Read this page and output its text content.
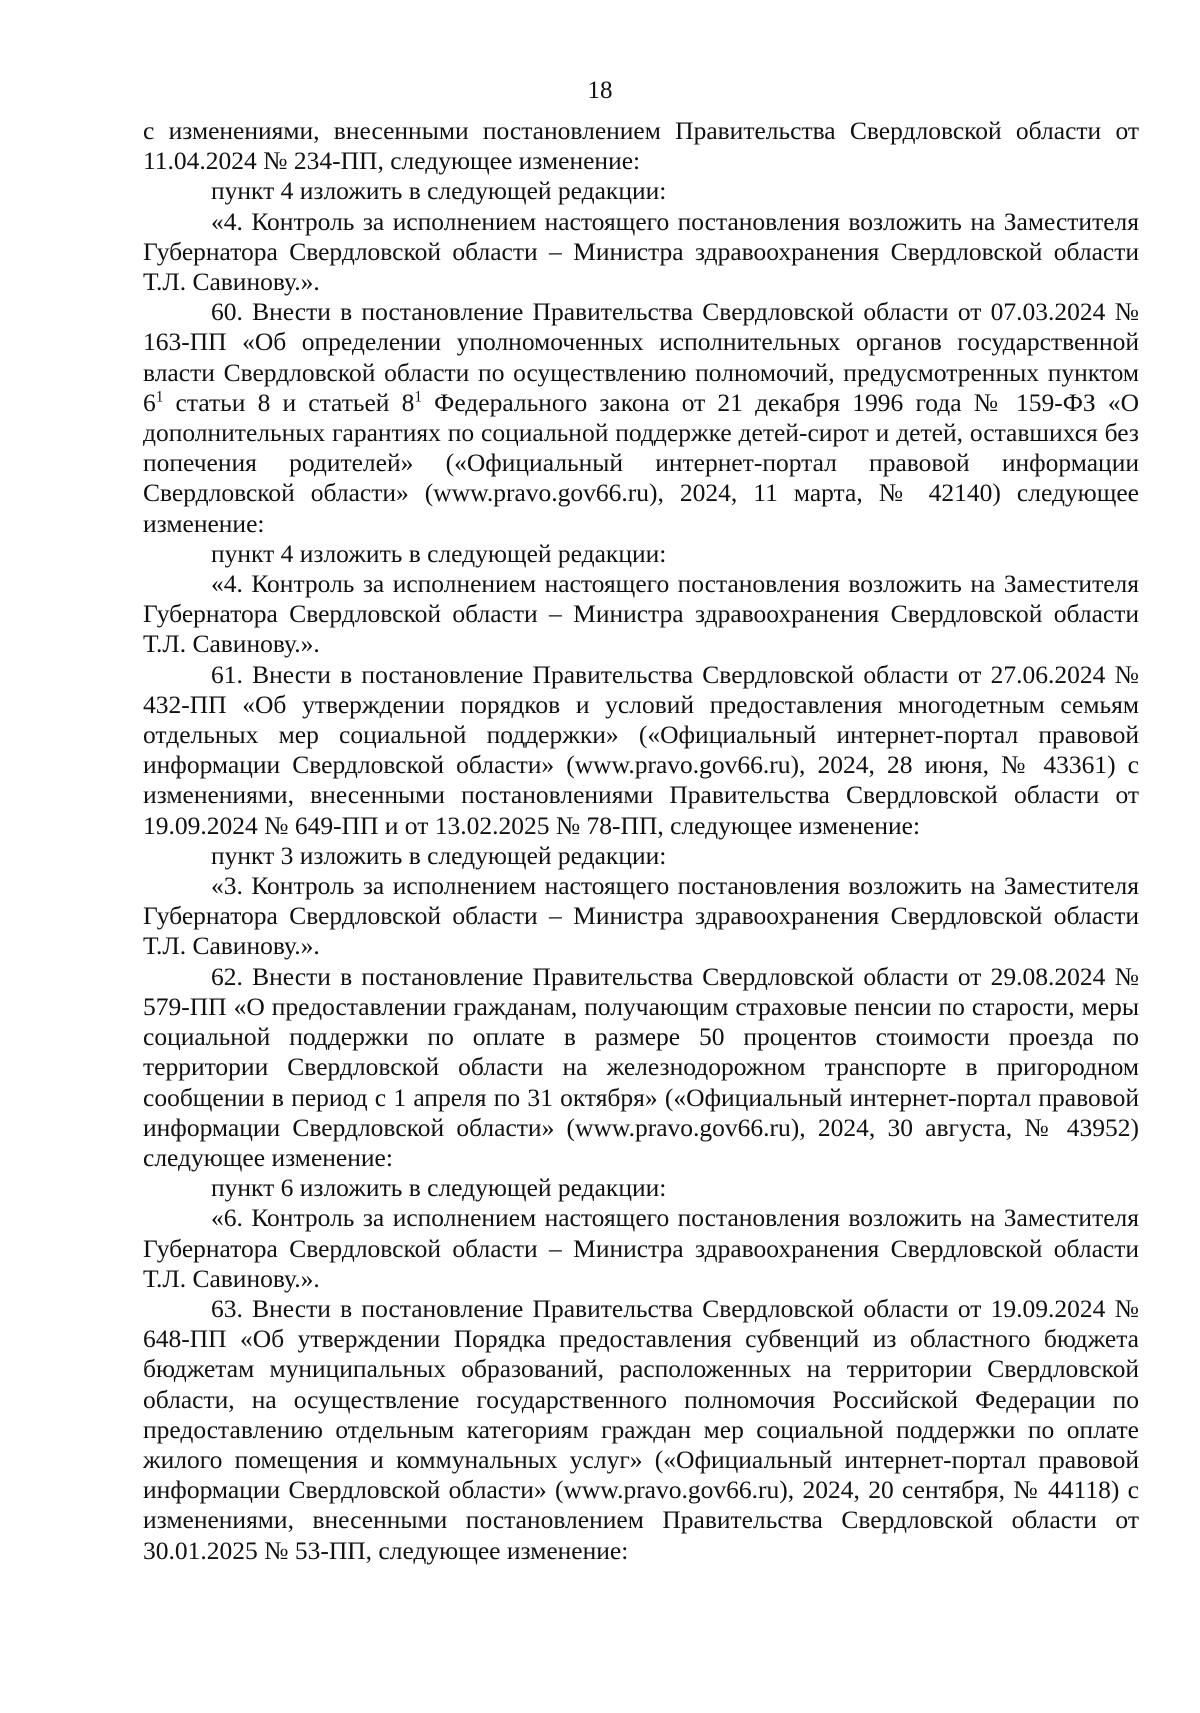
18

с изменениями, внесенными постановлением Правительства Свердловской области от 11.04.2024 № 234-ПП, следующее изменение:

пункт 4 изложить в следующей редакции:

«4. Контроль за исполнением настоящего постановления возложить на Заместителя Губернатора Свердловской области – Министра здравоохранения Свердловской области Т.Л. Савинову.».

60. Внести в постановление Правительства Свердловской области от 07.03.2024 № 163-ПП «Об определении уполномоченных исполнительных органов государственной власти Свердловской области по осуществлению полномочий, предусмотренных пунктом $6^1$ статьи 8 и статьей $8^1$ Федерального закона от 21 декабря 1996 года № 159-ФЗ «О дополнительных гарантиях по социальной поддержке детей-сирот и детей, оставшихся без попечения родителей» («Официальный интернет-портал правовой информации Свердловской области» (www.pravo.gov66.ru), 2024, 11 марта, № 42140) следующее изменение:

пункт 4 изложить в следующей редакции:

«4. Контроль за исполнением настоящего постановления возложить на Заместителя Губернатора Свердловской области – Министра здравоохранения Свердловской области Т.Л. Савинову.».

61. Внести в постановление Правительства Свердловской области от 27.06.2024 № 432-ПП «Об утверждении порядков и условий предоставления многодетным семьям отдельных мер социальной поддержки» («Официальный интернет-портал правовой информации Свердловской области» (www.pravo.gov66.ru), 2024, 28 июня, № 43361) с изменениями, внесенными постановлениями Правительства Свердловской области от 19.09.2024 № 649-ПП и от 13.02.2025 № 78-ПП, следующее изменение:

пункт 3 изложить в следующей редакции:

«3. Контроль за исполнением настоящего постановления возложить на Заместителя Губернатора Свердловской области – Министра здравоохранения Свердловской области Т.Л. Савинову.».

62. Внести в постановление Правительства Свердловской области от 29.08.2024 № 579-ПП «О предоставлении гражданам, получающим страховые пенсии по старости, меры социальной поддержки по оплате в размере 50 процентов стоимости проезда по территории Свердловской области на железнодорожном транспорте в пригородном сообщении в период с 1 апреля по 31 октября» («Официальный интернет-портал правовой информации Свердловской области» (www.pravo.gov66.ru), 2024, 30 августа, № 43952) следующее изменение:

пункт 6 изложить в следующей редакции:

«6. Контроль за исполнением настоящего постановления возложить на Заместителя Губернатора Свердловской области – Министра здравоохранения Свердловской области Т.Л. Савинову.».

63. Внести в постановление Правительства Свердловской области от 19.09.2024 № 648-ПП «Об утверждении Порядка предоставления субвенций из областного бюджета бюджетам муниципальных образований, расположенных на территории Свердловской области, на осуществление государственного полномочия Российской Федерации по предоставлению отдельным категориям граждан мер социальной поддержки по оплате жилого помещения и коммунальных услуг» («Официальный интернет-портал правовой информации Свердловской области» (www.pravo.gov66.ru), 2024, 20 сентября, № 44118) с изменениями, внесенными постановлением Правительства Свердловской области от 30.01.2025 № 53-ПП, следующее изменение:
